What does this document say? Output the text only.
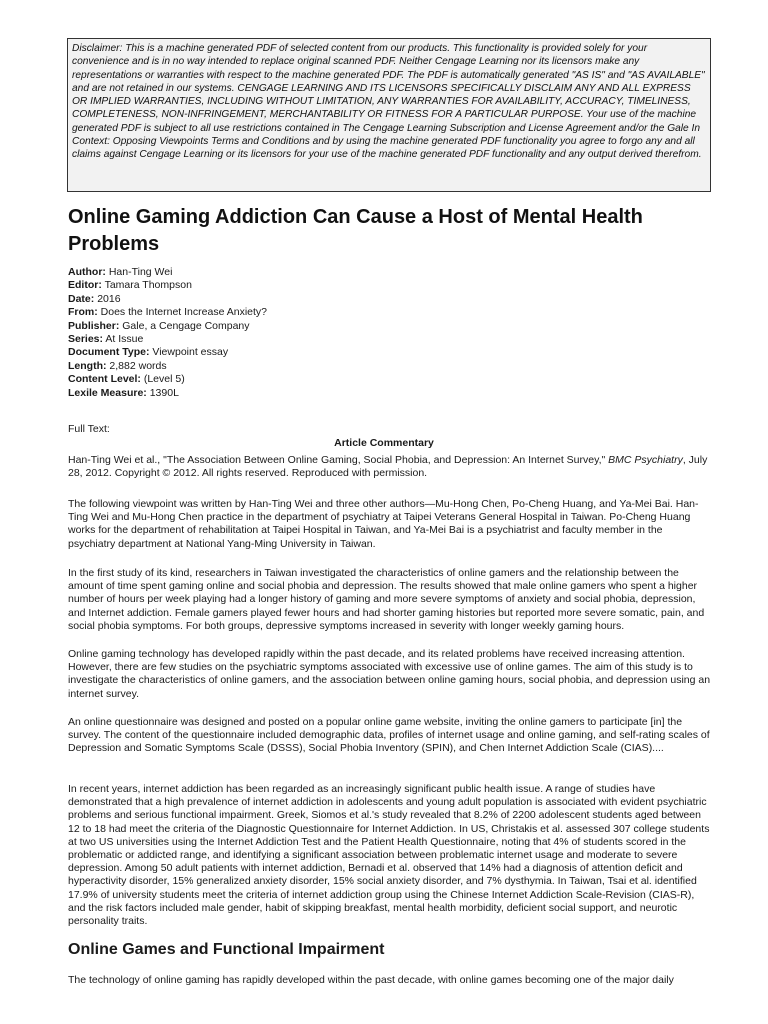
Disclaimer: This is a machine generated PDF of selected content from our products. This functionality is provided solely for your convenience and is in no way intended to replace original scanned PDF. Neither Cengage Learning nor its licensors make any representations or warranties with respect to the machine generated PDF. The PDF is automatically generated "AS IS" and "AS AVAILABLE" and are not retained in our systems. CENGAGE LEARNING AND ITS LICENSORS SPECIFICALLY DISCLAIM ANY AND ALL EXPRESS OR IMPLIED WARRANTIES, INCLUDING WITHOUT LIMITATION, ANY WARRANTIES FOR AVAILABILITY, ACCURACY, TIMELINESS, COMPLETENESS, NON-INFRINGEMENT, MERCHANTABILITY OR FITNESS FOR A PARTICULAR PURPOSE. Your use of the machine generated PDF is subject to all use restrictions contained in The Cengage Learning Subscription and License Agreement and/or the Gale In Context: Opposing Viewpoints Terms and Conditions and by using the machine generated PDF functionality you agree to forgo any and all claims against Cengage Learning or its licensors for your use of the machine generated PDF functionality and any output derived therefrom.
Online Gaming Addiction Can Cause a Host of Mental Health Problems
Author: Han-Ting Wei
Editor: Tamara Thompson
Date: 2016
From: Does the Internet Increase Anxiety?
Publisher: Gale, a Cengage Company
Series: At Issue
Document Type: Viewpoint essay
Length: 2,882 words
Content Level: (Level 5)
Lexile Measure: 1390L
Full Text:
Article Commentary
Han-Ting Wei et al., "The Association Between Online Gaming, Social Phobia, and Depression: An Internet Survey," BMC Psychiatry, July 28, 2012. Copyright © 2012. All rights reserved. Reproduced with permission.
The following viewpoint was written by Han-Ting Wei and three other authors—Mu-Hong Chen, Po-Cheng Huang, and Ya-Mei Bai. Han-Ting Wei and Mu-Hong Chen practice in the department of psychiatry at Taipei Veterans General Hospital in Taiwan. Po-Cheng Huang works for the department of rehabilitation at Taipei Hospital in Taiwan, and Ya-Mei Bai is a psychiatrist and faculty member in the psychiatry department at National Yang-Ming University in Taiwan.
In the first study of its kind, researchers in Taiwan investigated the characteristics of online gamers and the relationship between the amount of time spent gaming online and social phobia and depression. The results showed that male online gamers who spent a higher number of hours per week playing had a longer history of gaming and more severe symptoms of anxiety and social phobia, depression, and Internet addiction. Female gamers played fewer hours and had shorter gaming histories but reported more severe somatic, pain, and social phobia symptoms. For both groups, depressive symptoms increased in severity with longer weekly gaming hours.
Online gaming technology has developed rapidly within the past decade, and its related problems have received increasing attention. However, there are few studies on the psychiatric symptoms associated with excessive use of online games. The aim of this study is to investigate the characteristics of online gamers, and the association between online gaming hours, social phobia, and depression using an internet survey.
An online questionnaire was designed and posted on a popular online game website, inviting the online gamers to participate [in] the survey. The content of the questionnaire included demographic data, profiles of internet usage and online gaming, and self-rating scales of Depression and Somatic Symptoms Scale (DSSS), Social Phobia Inventory (SPIN), and Chen Internet Addiction Scale (CIAS)....
In recent years, internet addiction has been regarded as an increasingly significant public health issue. A range of studies have demonstrated that a high prevalence of internet addiction in adolescents and young adult population is associated with evident psychiatric problems and serious functional impairment. Greek, Siomos et al.'s study revealed that 8.2% of 2200 adolescent students aged between 12 to 18 had meet the criteria of the Diagnostic Questionnaire for Internet Addiction. In US, Christakis et al. assessed 307 college students at two US universities using the Internet Addiction Test and the Patient Health Questionnaire, noting that 4% of students scored in the problematic or addicted range, and identifying a significant association between problematic internet usage and moderate to severe depression. Among 50 adult patients with internet addiction, Bernadi et al. observed that 14% had a diagnosis of attention deficit and hyperactivity disorder, 15% generalized anxiety disorder, 15% social anxiety disorder, and 7% dysthymia. In Taiwan, Tsai et al. identified 17.9% of university students meet the criteria of internet addiction group using the Chinese Internet Addiction Scale-Revision (CIAS-R), and the risk factors included male gender, habit of skipping breakfast, mental health morbidity, deficient social support, and neurotic personality traits.
Online Games and Functional Impairment
The technology of online gaming has rapidly developed within the past decade, with online games becoming one of the major daily
